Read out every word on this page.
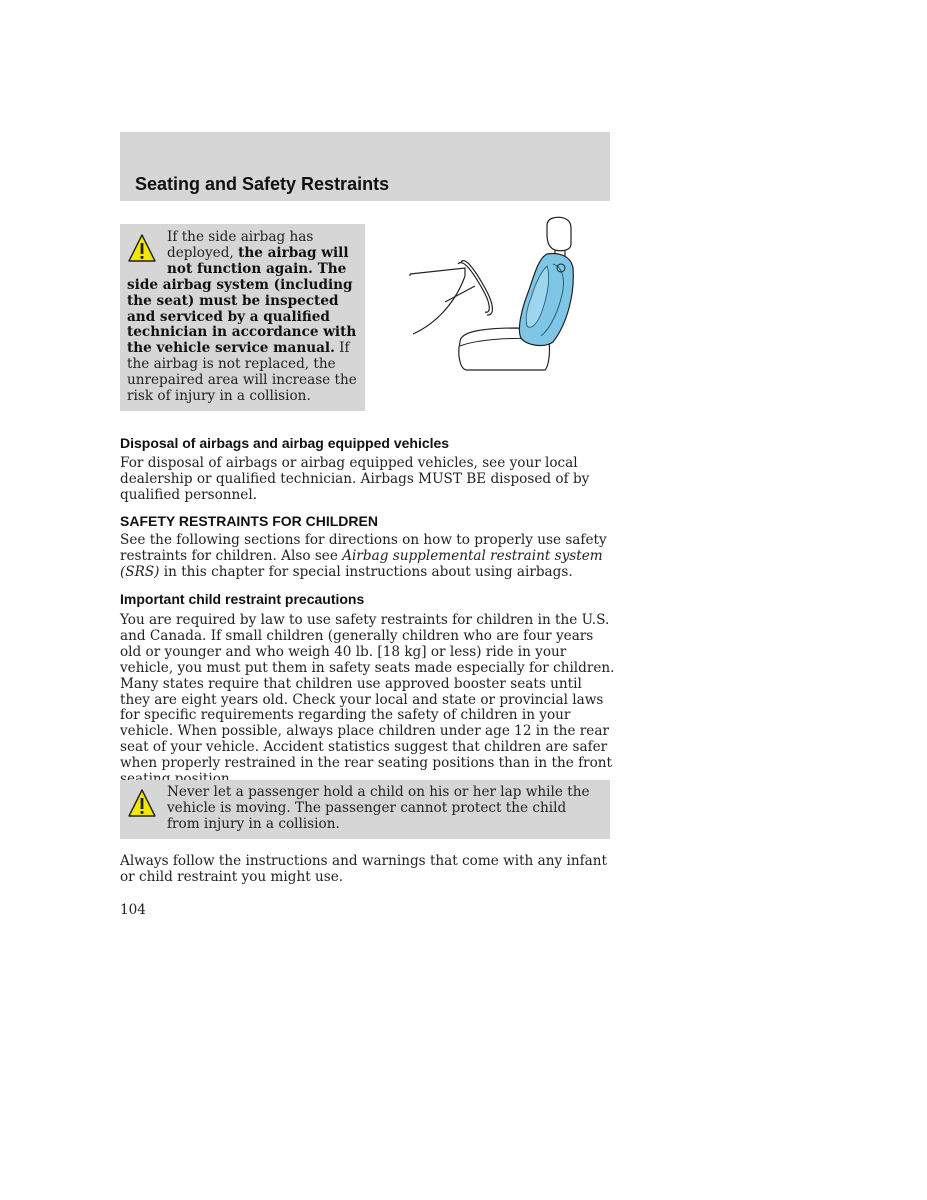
Seating and Safety Restraints
If the side airbag has deployed, the airbag will not function again. The side airbag system (including the seat) must be inspected and serviced by a qualified technician in accordance with the vehicle service manual. If the airbag is not replaced, the unrepaired area will increase the risk of injury in a collision.
Disposal of airbags and airbag equipped vehicles

For disposal of airbags or airbag equipped vehicles, see your local dealership or qualified technician. Airbags MUST BE disposed of by qualified personnel.

SAFETY RESTRAINTS FOR CHILDREN

See the following sections for directions on how to properly use safety restraints for children. Also see Airbag supplemental restraint system (SRS) in this chapter for special instructions about using airbags.

Important child restraint precautions

You are required by law to use safety restraints for children in the U.S. and Canada. If small children (generally children who are four years old or younger and who weigh 40 lb. [18 kg] or less) ride in your vehicle, you must put them in safety seats made especially for children. Many states require that children use approved booster seats until they are eight years old. Check your local and state or provincial laws for specific requirements regarding the safety of children in your vehicle. When possible, always place children under age 12 in the rear seat of your vehicle. Accident statistics suggest that children are safer when properly restrained in the rear seating positions than in the front

Never let a passenger hold a child on his or her lap while the vehicle is moving. The passenger cannot protect the child from injury in a collision.

Always follow the instructions and warnings that come with any infant or child restraint you might use.

104
